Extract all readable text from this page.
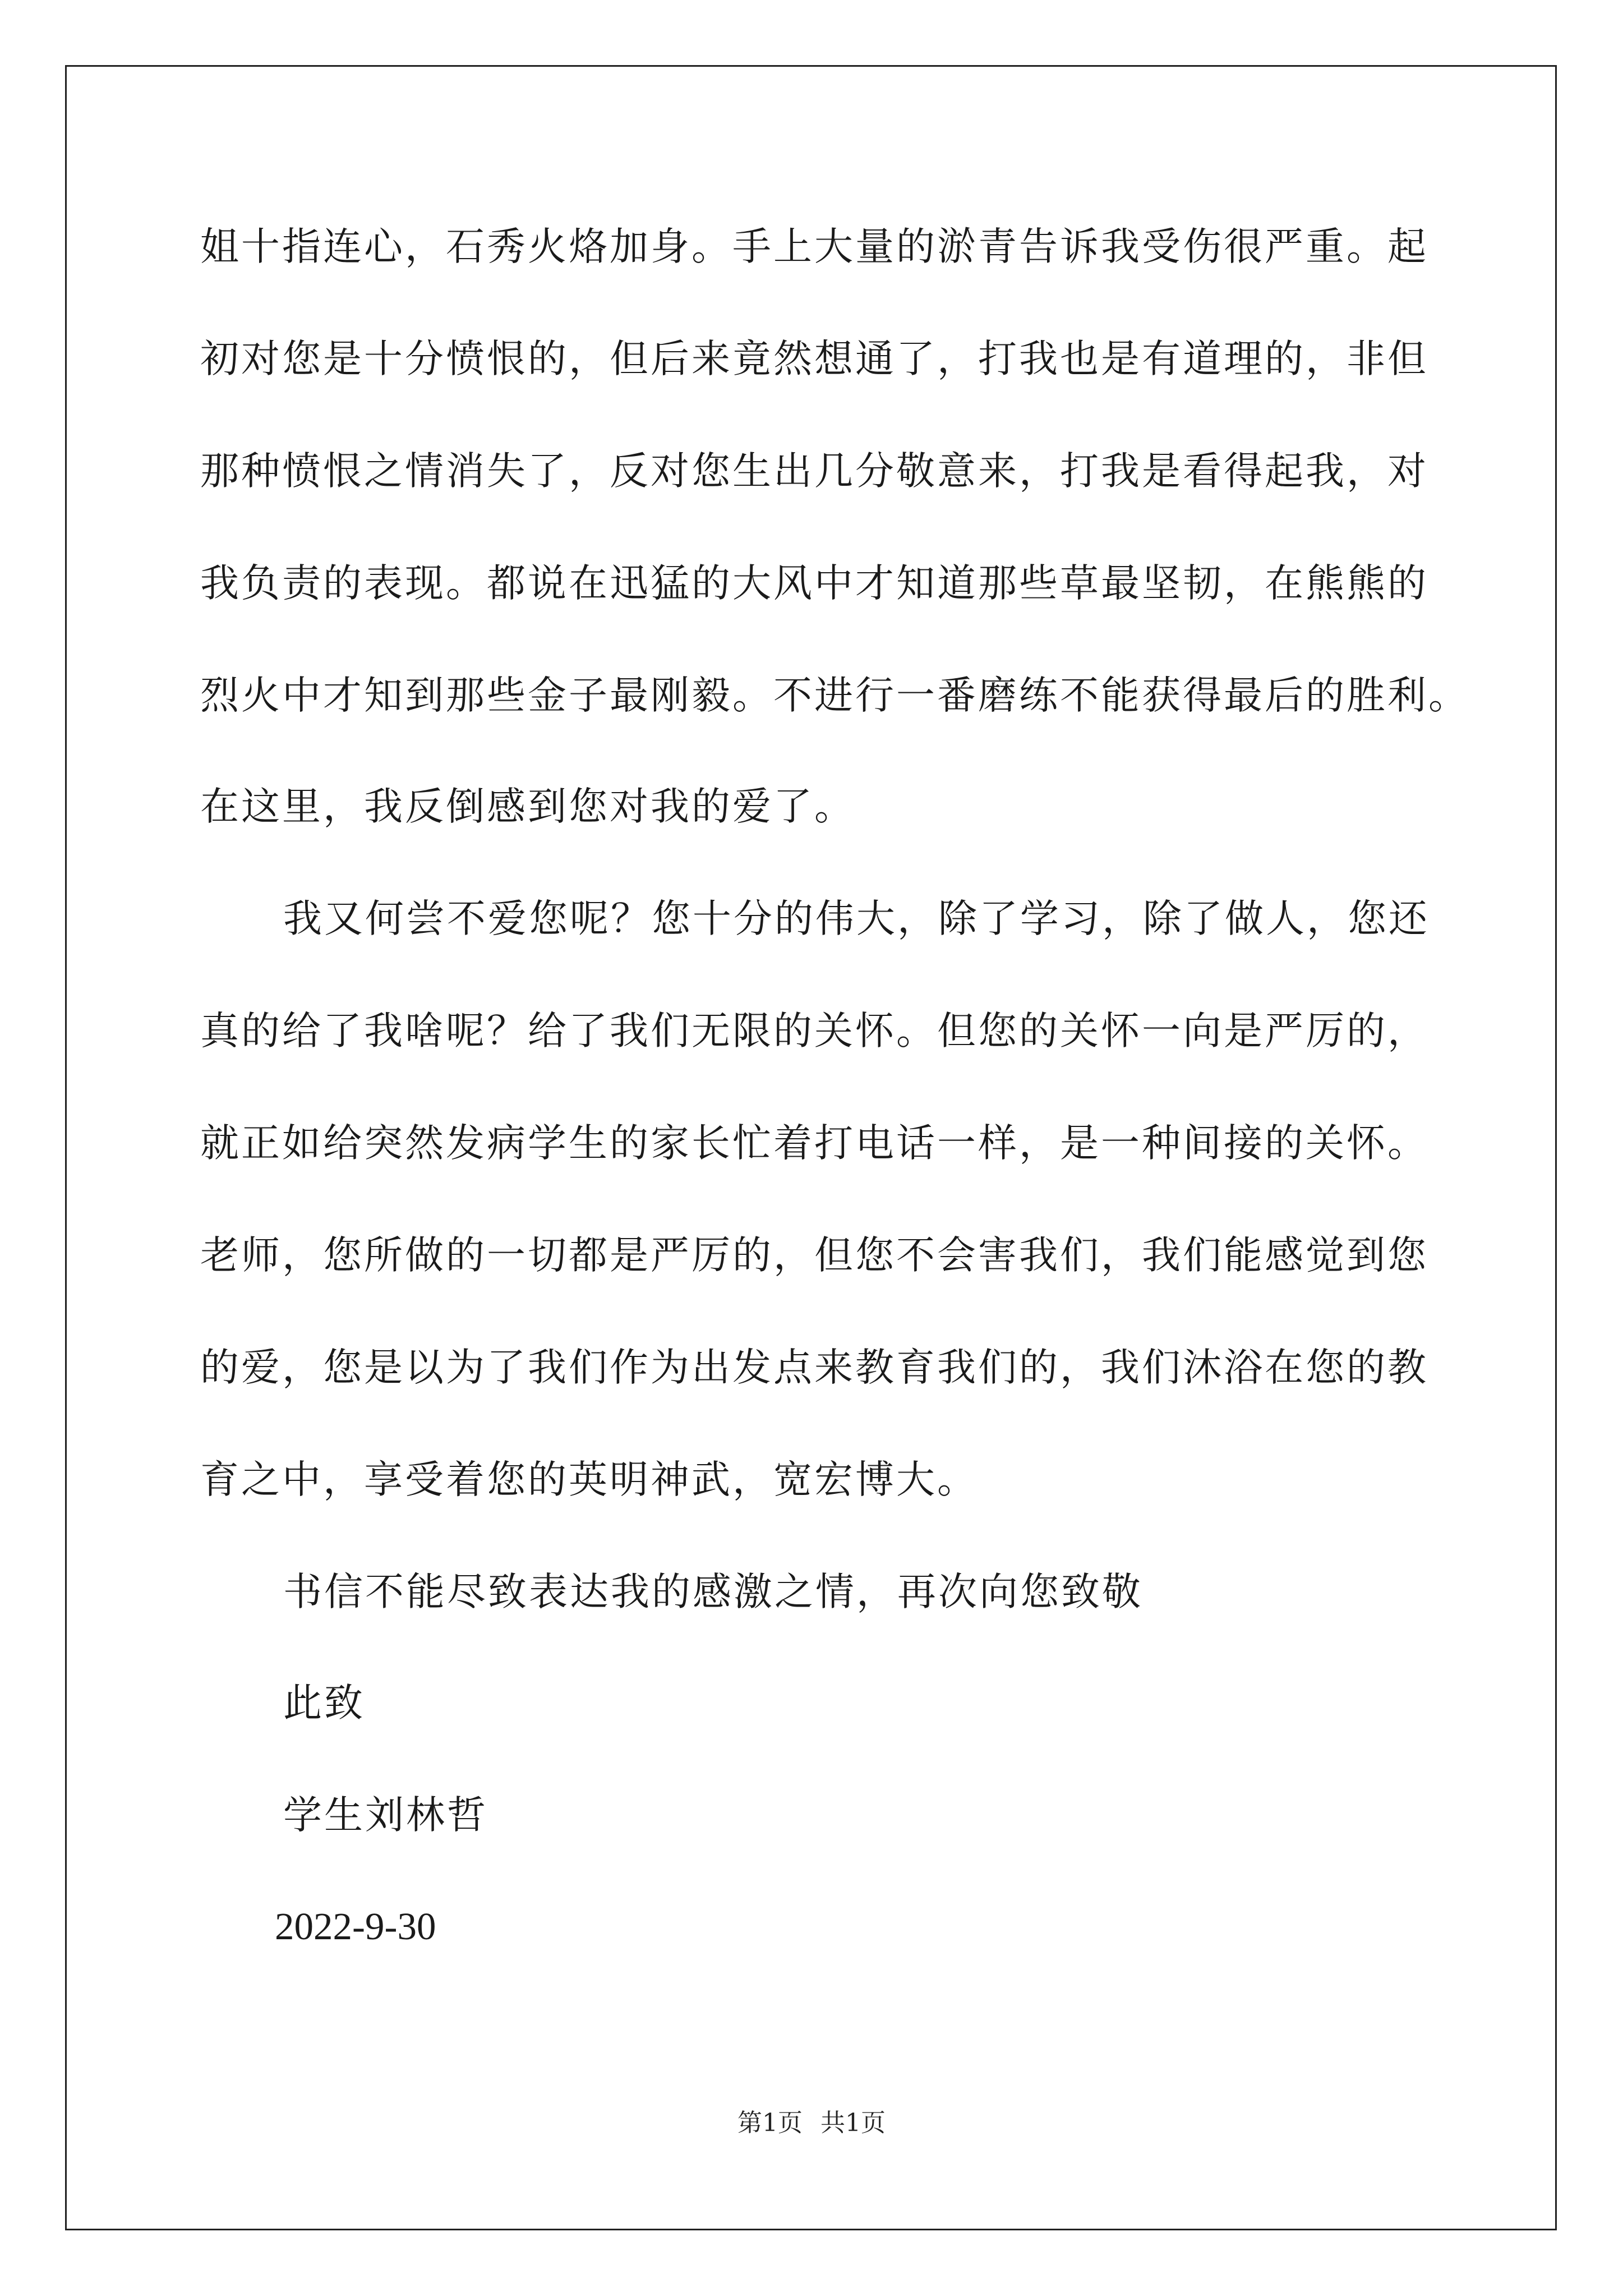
姐十指连心，石秀火烙加身。手上大量的淤青告诉我受伤很严重。起
初对您是十分愤恨的，但后来竟然想通了，打我也是有道理的，非但
那种愤恨之情消失了，反对您生出几分敬意来，打我是看得起我，对
我负责的表现。都说在迅猛的大风中才知道那些草最坚韧，在熊熊的
烈火中才知到那些金子最刚毅。不进行一番磨练不能获得最后的胜利。
在这里，我反倒感到您对我的爱了。
我又何尝不爱您呢？您十分的伟大，除了学习，除了做人，您还
真的给了我啥呢？给了我们无限的关怀。但您的关怀一向是严厉的，
就正如给突然发病学生的家长忙着打电话一样，是一种间接的关怀。
老师，您所做的一切都是严厉的，但您不会害我们，我们能感觉到您
的爱，您是以为了我们作为出发点来教育我们的，我们沐浴在您的教
育之中，享受着您的英明神武，宽宏博大。
书信不能尽致表达我的感激之情，再次向您致敬
此致
学生刘林哲
2022-9-30
第1页 共1页
